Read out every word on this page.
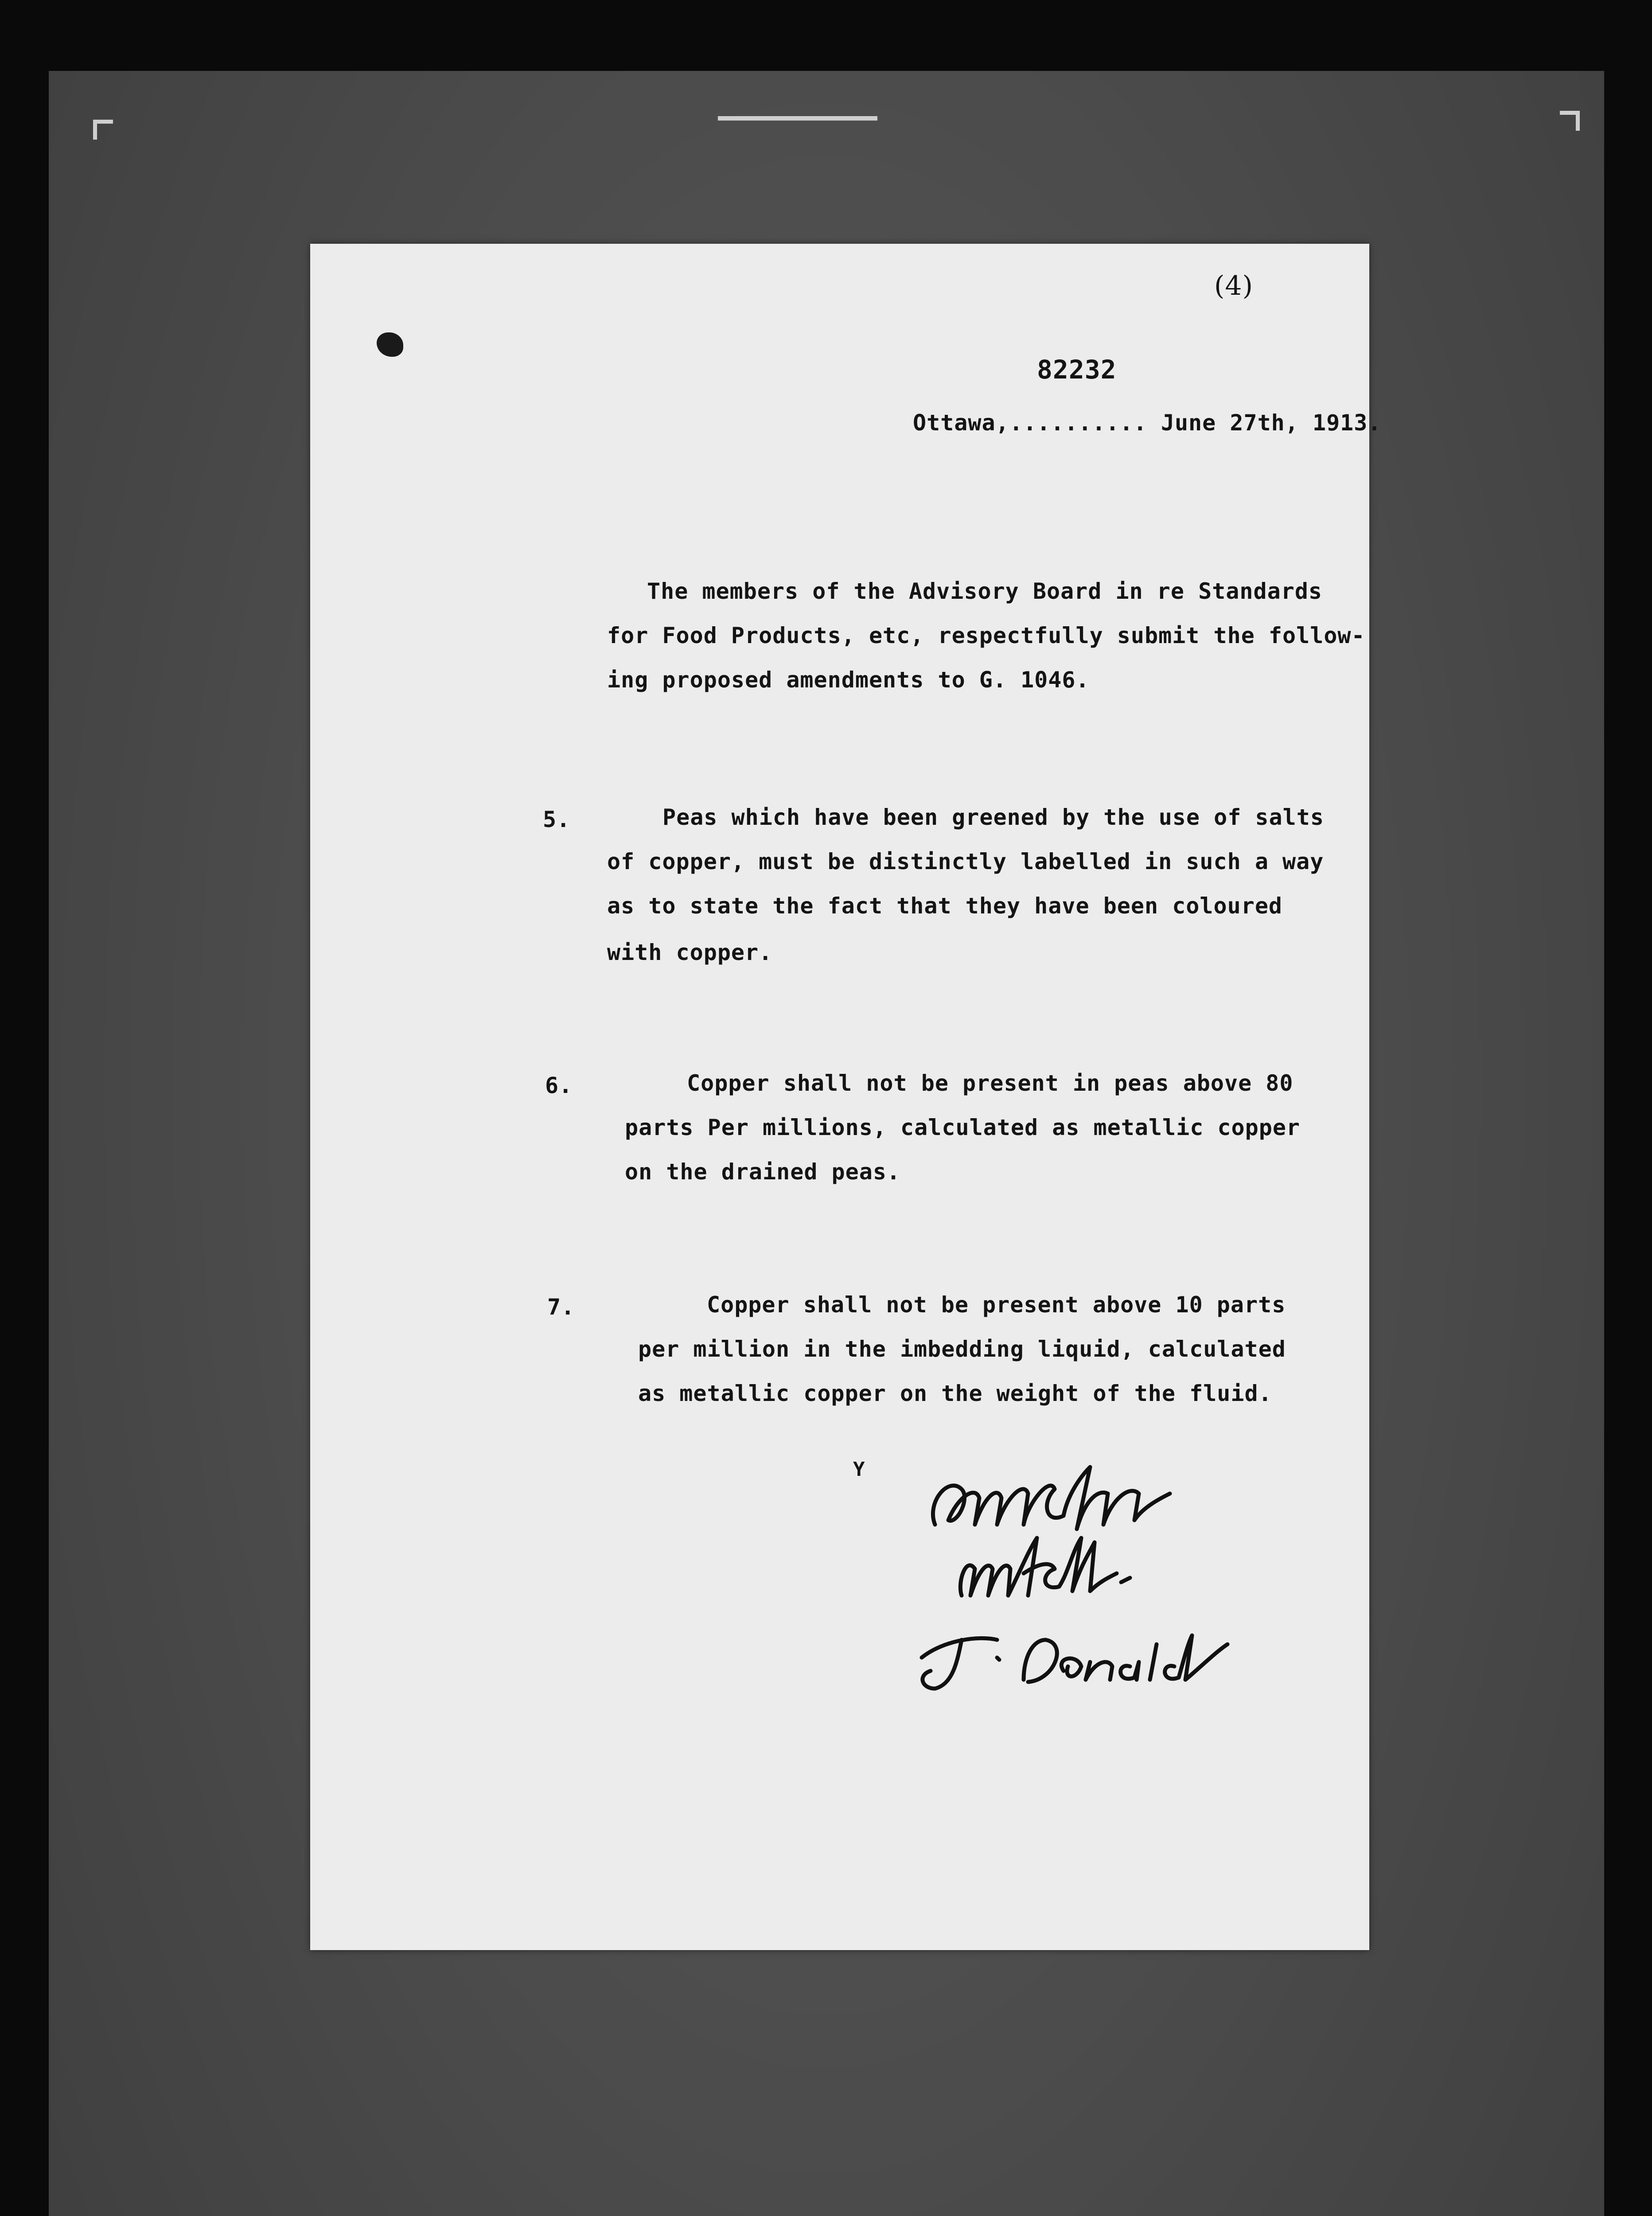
(4)
82232
Ottawa,.......... June 27th, 1913.
The members of the Advisory Board in re Standards
for Food Products, etc, respectfully submit the follow-
ing proposed amendments to G. 1046.
5.	Peas which have been greened by the use of salts
of copper, must be distinctly labelled in such a way
as to state the fact that they have been coloured
with copper.
6.	Copper shall not be present in peas above 80
parts Per millions, calculated as metallic copper
on the drained peas.
7.	Copper shall not be present above 10 parts
per million in the imbedding liquid, calculated
as metallic copper on the weight of the fluid.
Y
